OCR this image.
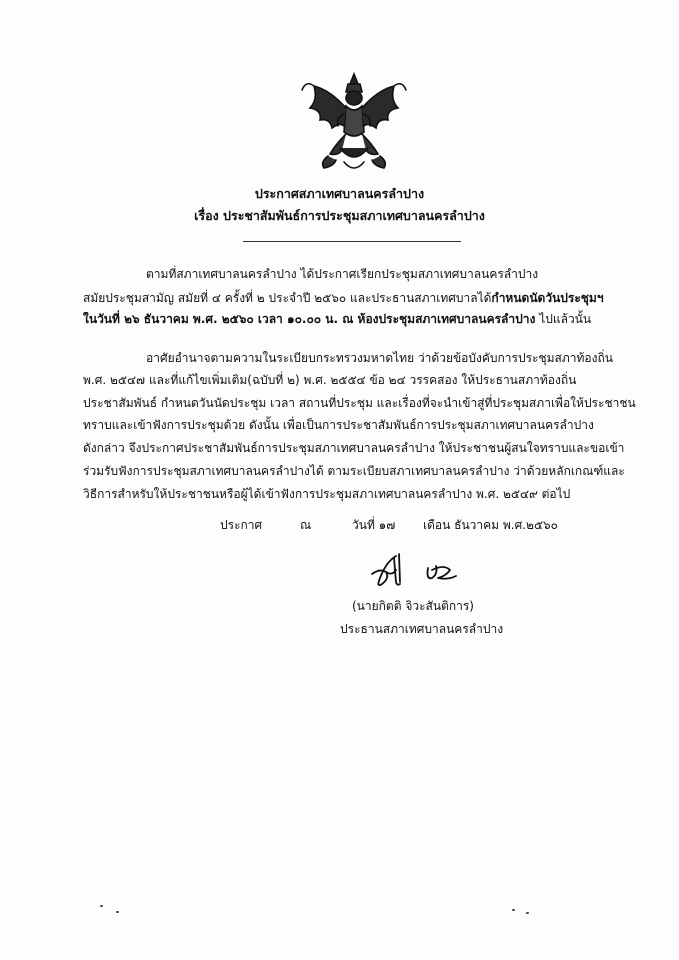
ประกาศสภาเทศบาลนครลำปาง
เรื่อง ประชาสัมพันธ์การประชุมสภาเทศบาลนครลำปาง
ตามที่สภาเทศบาลนครลำปาง ได้ประกาศเรียกประชุมสภาเทศบาลนครลำปาง
สมัยประชุมสามัญ สมัยที่ ๔ ครั้งที่ ๒ ประจำปี ๒๕๖๐ และประธานสภาเทศบาลได้กำหนดนัดวันประชุมฯ
ในวันที่ ๒๖ ธันวาคม พ.ศ. ๒๕๖๐ เวลา ๑๐.๐๐ น. ณ ห้องประชุมสภาเทศบาลนครลำปาง ไปแล้วนั้น
อาศัยอำนาจตามความในระเบียบกระทรวงมหาดไทย ว่าด้วยข้อบังคับการประชุมสภาท้องถิ่น
พ.ศ. ๒๕๔๗ และที่แก้ไขเพิ่มเติม(ฉบับที่ ๒) พ.ศ. ๒๕๕๔ ข้อ ๒๔ วรรคสอง ให้ประธานสภาท้องถิ่น
ประชาสัมพันธ์ กำหนดวันนัดประชุม เวลา สถานที่ประชุม และเรื่องที่จะนำเข้าสู่ที่ประชุมสภาเพื่อให้ประชาชน
ทราบและเข้าฟังการประชุมด้วย ดังนั้น เพื่อเป็นการประชาสัมพันธ์การประชุมสภาเทศบาลนครลำปาง
ดังกล่าว จึงประกาศประชาสัมพันธ์การประชุมสภาเทศบาลนครลำปาง ให้ประชาชนผู้สนใจทราบและขอเข้า
ร่วมรับฟังการประชุมสภาเทศบาลนครลำปางได้ ตามระเบียบสภาเทศบาลนครลำปาง ว่าด้วยหลักเกณฑ์และ
วิธีการสำหรับให้ประชาชนหรือผู้ได้เข้าฟังการประชุมสภาเทศบาลนครลำปาง พ.ศ. ๒๕๔๙ ต่อไป
ประกาศ	ณ	วันที่ ๑๗ เดือน ธันวาคม พ.ศ.๒๕๖๐
(นายกิตติ จิวะสันติการ)
ประธานสภาเทศบาลนครลำปาง
